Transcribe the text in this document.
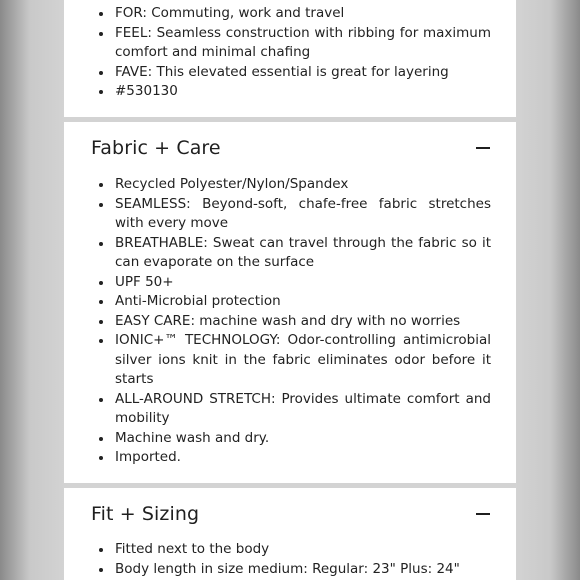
FOR: Commuting, work and travel
FEEL: Seamless construction with ribbing for maximum comfort and minimal chafing
FAVE: This elevated essential is great for layering
#530130
Fabric + Care
Recycled Polyester/Nylon/Spandex
SEAMLESS: Beyond-soft, chafe-free fabric stretches with every move
BREATHABLE: Sweat can travel through the fabric so it can evaporate on the surface
UPF 50+
Anti-Microbial protection
EASY CARE: machine wash and dry with no worries
IONIC+™ TECHNOLOGY: Odor-controlling antimicrobial silver ions knit in the fabric eliminates odor before it starts
ALL-AROUND STRETCH: Provides ultimate comfort and mobility
Machine wash and dry.
Imported.
Fit + Sizing
Fitted next to the body
Body length in size medium: Regular: 23" Plus: 24"
